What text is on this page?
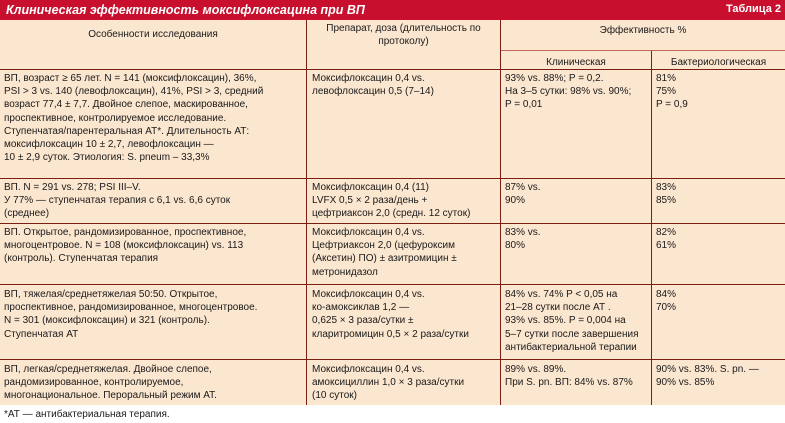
Клиническая эффективность моксифлоксацина при ВП	Таблица 2
Особенности исследования
Препарат, доза (длительность по протоколу)
Эффективность %
Клиническая	Бактериологическая
ВП, возраст ≥ 65 лет. N = 141 (моксифлоксацин), 36%,
PSI > 3 vs. 140 (левофлоксацин), 41%, PSI > 3, средний
возраст 77,4 ± 7,7. Двойное слепое, маскированное,
проспективное, контролируемое исследование.
Ступенчатая/парентеральная АТ*. Длительность АТ:
моксифлоксацин 10 ± 2,7, левофлоксацин —
10 ± 2,9 суток. Этиология: S. pneum – 33,3%
Моксифлоксацин 0,4 vs.
левофлоксацин 0,5 (7–14)
93% vs. 88%; P = 0,2.
На 3–5 сутки: 98% vs. 90%;
P = 0,01
81%
75%
P = 0,9
ВП. N = 291 vs. 278; PSI III–V.
У 77% — ступенчатая терапия с 6,1 vs. 6,6 суток
(среднее)
Моксифлоксацин 0,4 (11)
LVFX 0,5 × 2 раза/день +
цефтриаксон 2,0 (средн. 12 суток)
87% vs.
90%
83%
85%
ВП. Открытое, рандомизированное, проспективное,
многоцентровое. N = 108 (моксифлоксацин) vs. 113
(контроль). Ступенчатая терапия
Моксифлоксацин 0,4 vs.
Цефтриаксон 2,0 (цефуроксим
(Аксетин) ПО) ± азитромицин ±
метронидазол
83% vs.
80%
82%
61%
ВП, тяжелая/среднетяжелая 50:50. Открытое,
проспективное, рандомизированное, многоцентровое.
N = 301 (моксифлоксацин) и 321 (контроль).
Ступенчатая АТ
Моксифлоксацин 0,4 vs.
ко-амоксиклав 1,2 —
0,625 × 3 раза/сутки ±
кларитромицин 0,5 × 2 раза/сутки
84% vs. 74% P < 0,05 на
21–28 сутки после АТ .
93% vs. 85%. P = 0,004 на
5–7 сутки после завершения
антибактериальной терапии
84%
70%
ВП, легкая/среднетяжелая. Двойное слепое,
рандомизированное, контролируемое,
многонациональное. Пероральный режим АТ.
Моксифлоксацин 0,4 vs.
амоксициллин 1,0 × 3 раза/сутки
(10 суток)
89% vs. 89%.
При S. pn. ВП: 84% vs. 87%
90% vs. 83%. S. pn. —
90% vs. 85%
*АТ — антибактериальная терапия.
